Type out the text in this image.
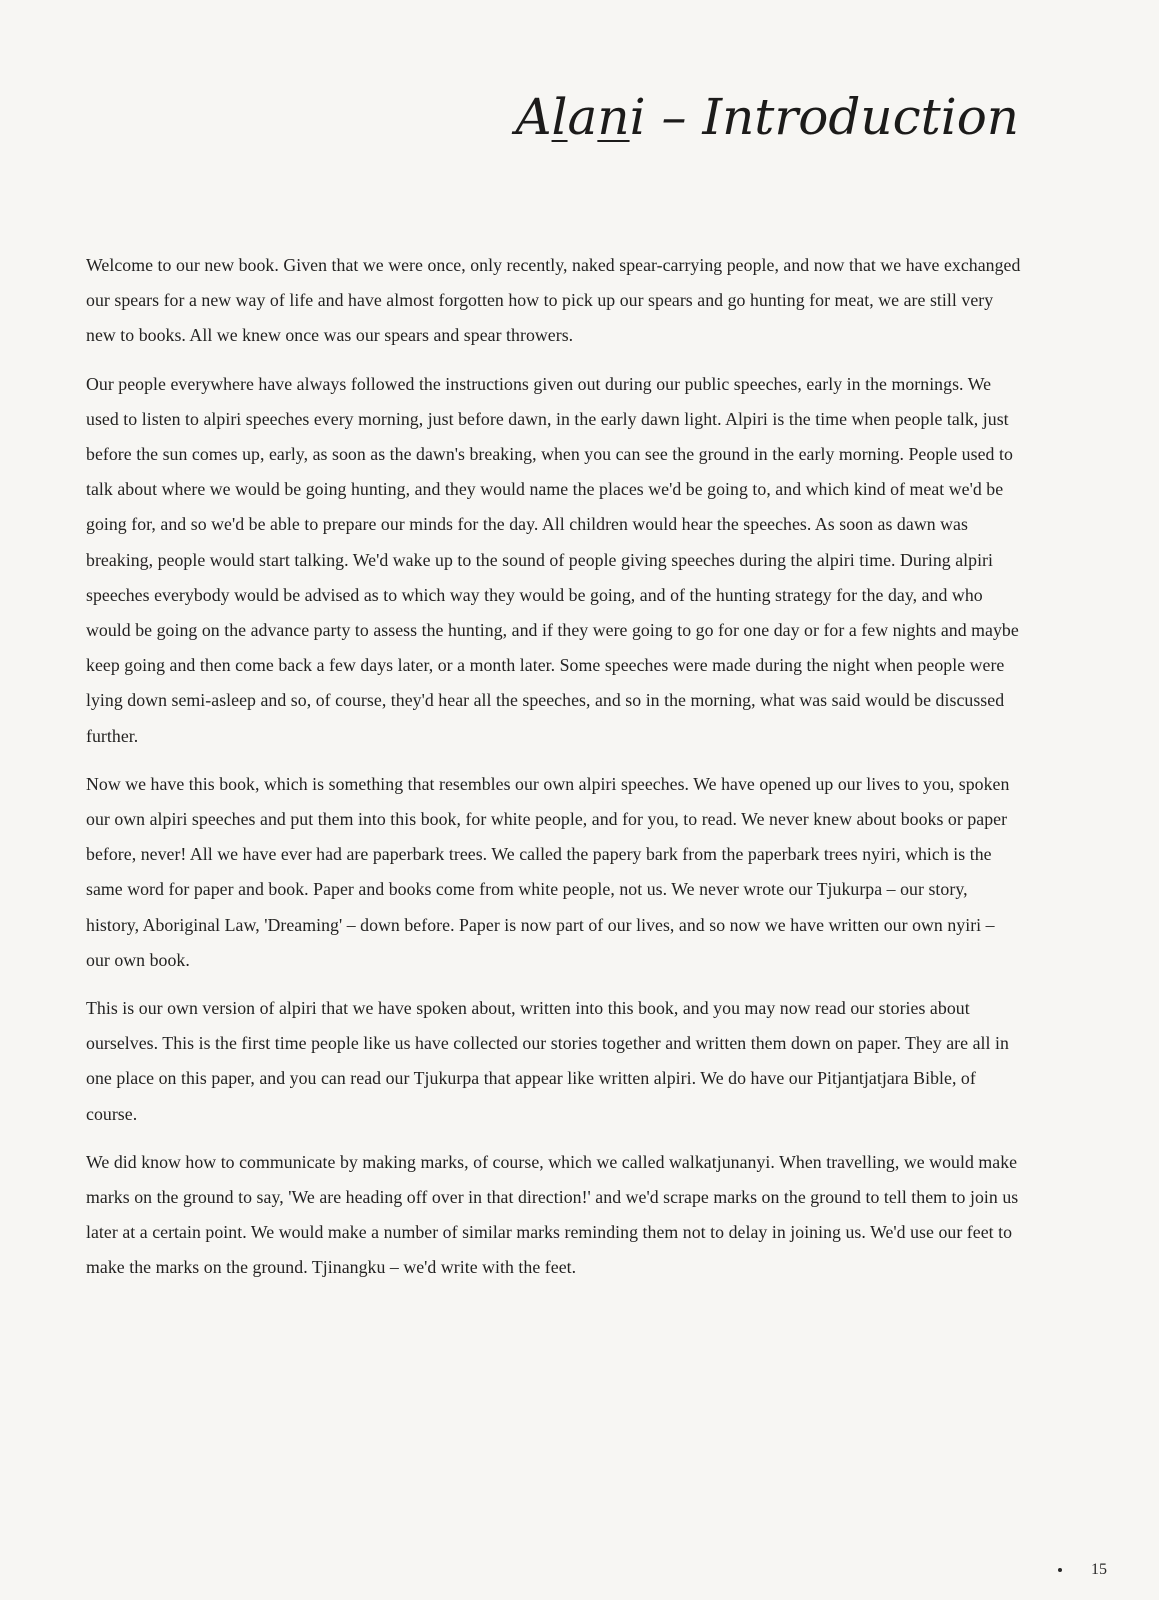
Alani – Introduction

Welcome to our new book. Given that we were once, only recently, naked spear-carrying people, and now that we have exchanged our spears for a new way of life and have almost forgotten how to pick up our spears and go hunting for meat, we are still very new to books. All we knew once was our spears and spear throwers.

Our people everywhere have always followed the instructions given out during our public speeches, early in the mornings. We used to listen to alpiri speeches every morning, just before dawn, in the early dawn light. Alpiri is the time when people talk, just before the sun comes up, early, as soon as the dawn's breaking, when you can see the ground in the early morning. People used to talk about where we would be going hunting, and they would name the places we'd be going to, and which kind of meat we'd be going for, and so we'd be able to prepare our minds for the day. All children would hear the speeches. As soon as dawn was breaking, people would start talking. We'd wake up to the sound of people giving speeches during the alpiri time. During alpiri speeches everybody would be advised as to which way they would be going, and of the hunting strategy for the day, and who would be going on the advance party to assess the hunting, and if they were going to go for one day or for a few nights and maybe keep going and then come back a few days later, or a month later. Some speeches were made during the night when people were lying down semi-asleep and so, of course, they'd hear all the speeches, and so in the morning, what was said would be discussed further.

Now we have this book, which is something that resembles our own alpiri speeches. We have opened up our lives to you, spoken our own alpiri speeches and put them into this book, for white people, and for you, to read. We never knew about books or paper before, never! All we have ever had are paperbark trees. We called the papery bark from the paperbark trees nyiri, which is the same word for paper and book. Paper and books come from white people, not us. We never wrote our Tjukurpa – our story, history, Aboriginal Law, 'Dreaming' – down before. Paper is now part of our lives, and so now we have written our own nyiri – our own book.

This is our own version of alpiri that we have spoken about, written into this book, and you may now read our stories about ourselves. This is the first time people like us have collected our stories together and written them down on paper. They are all in one place on this paper, and you can read our Tjukurpa that appear like written alpiri. We do have our Pitjantjatjara Bible, of course.

We did know how to communicate by making marks, of course, which we called walkatjunanyi. When travelling, we would make marks on the ground to say, 'We are heading off over in that direction!' and we'd scrape marks on the ground to tell them to join us later at a certain point. We would make a number of similar marks reminding them not to delay in joining us. We'd use our feet to make the marks on the ground. Tjinangku – we'd write with the feet.

15
